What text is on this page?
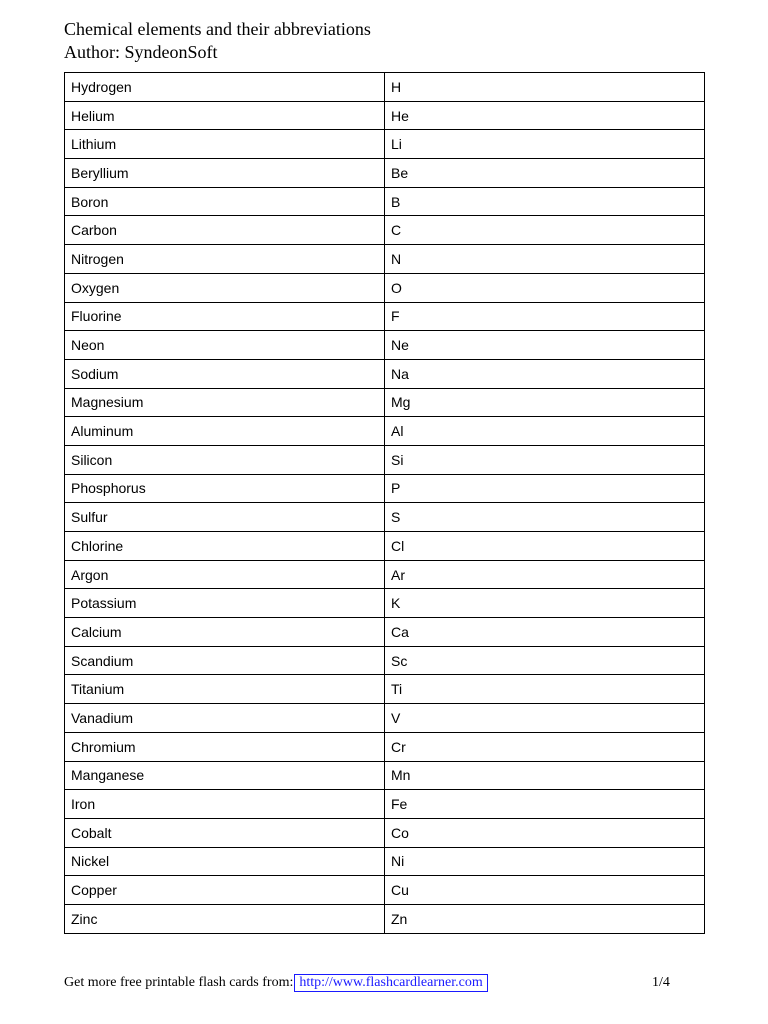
Chemical elements and their abbreviations
Author: SyndeonSoft
Hydrogen	H
Helium	He
Lithium	Li
Beryllium	Be
Boron	B
Carbon	C
Nitrogen	N
Oxygen	O
Fluorine	F
Neon	Ne
Sodium	Na
Magnesium	Mg
Aluminum	Al
Silicon	Si
Phosphorus	P
Sulfur	S
Chlorine	Cl
Argon	Ar
Potassium	K
Calcium	Ca
Scandium	Sc
Titanium	Ti
Vanadium	V
Chromium	Cr
Manganese	Mn
Iron	Fe
Cobalt	Co
Nickel	Ni
Copper	Cu
Zinc	Zn
Get more free printable flash cards from: http://www.flashcardlearner.com	1/4
